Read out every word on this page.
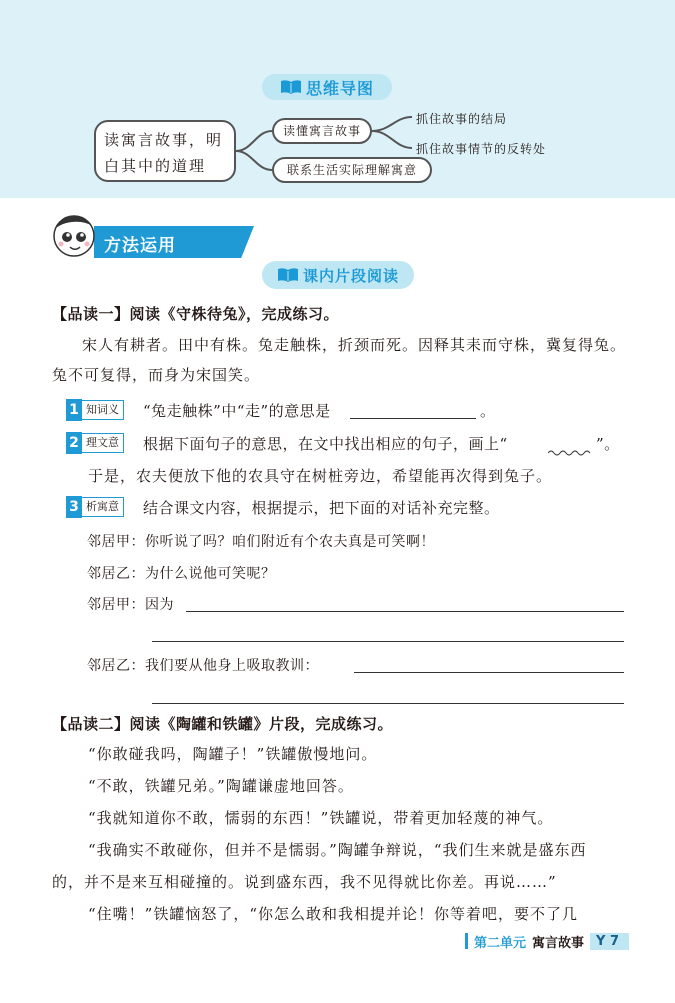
思维导图
读寓言故事，明白其中的道理
读懂寓言故事
联系生活实际理解寓意
抓住故事的结局
抓住故事情节的反转处
方法运用
课内片段阅读
【品读一】阅读《守株待兔》，完成练习。
宋人有耕者。田中有株。兔走触株，折颈而死。因释其耒而守株，冀复得兔。兔不可复得，而身为宋国笑。
1 知词义	“兔走触株”中“走”的意思是	。
2 理文意	根据下面句子的意思，在文中找出相应的句子，画上“	”。
于是，农夫便放下他的农具守在树桩旁边，希望能再次得到兔子。
3 析寓意	结合课文内容，根据提示，把下面的对话补充完整。
邻居甲：你听说了吗？咱们附近有个农夫真是可笑啊！
邻居乙：为什么说他可笑呢？
邻居甲：因为
邻居乙：我们要从他身上吸取教训：
【品读二】阅读《陶罐和铁罐》片段，完成练习。
“你敢碰我吗，陶罐子！”铁罐傲慢地问。
“不敢，铁罐兄弟。”陶罐谦虚地回答。
“我就知道你不敢，懦弱的东西！”铁罐说，带着更加轻蔑的神气。
“我确实不敢碰你，但并不是懦弱。”陶罐争辩说，“我们生来就是盛东西
的，并不是来互相碰撞的。说到盛东西，我不见得就比你差。再说……”
“住嘴！”铁罐恼怒了，“你怎么敢和我相提并论！你等着吧，要不了几
第二单元 寓言故事 Y 7
